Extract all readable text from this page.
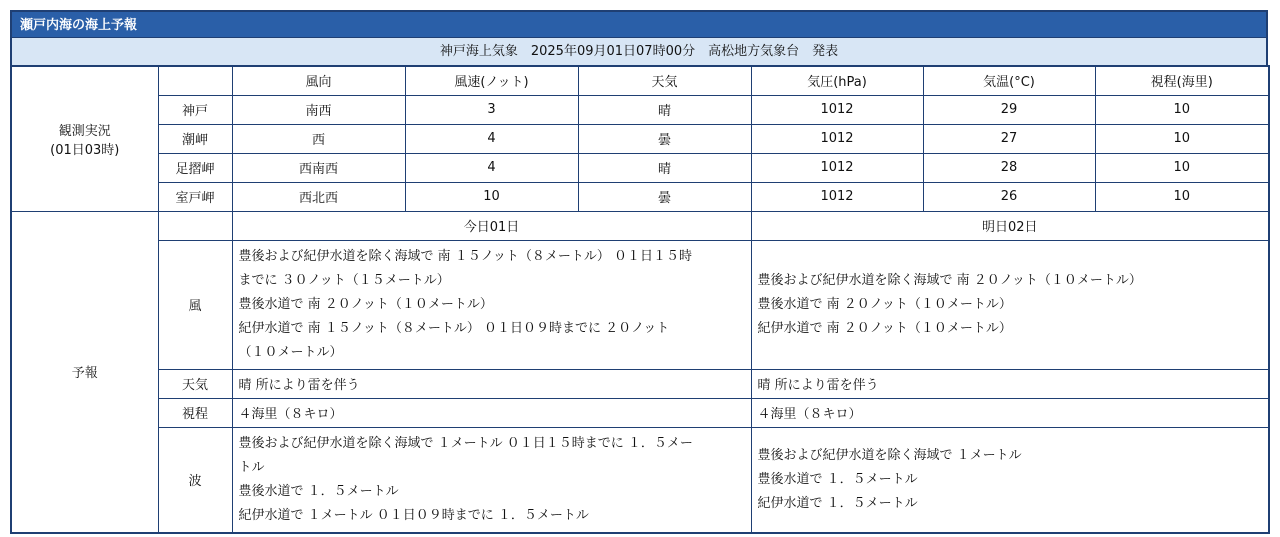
瀬戸内海の海上予報
神戸海上気象　2025年09月01日07時00分　高松地方気象台　発表
観測実況
(01日03時)		風向	風速(ノット)	天気	気圧(hPa)	気温(°C)	視程(海里)
	神戸	南西	3	晴	1012	29	10
	潮岬	西	4	曇	1012	27	10
	足摺岬	西南西	4	晴	1012	28	10
	室戸岬	西北西	10	曇	1012	26	10
予報		今日01日			明日02日		
	風	豊後および紀伊水道を除く海域で 南 １５ノット（８メートル） ０１日１５時
までに ３０ノット（１５メートル）
豊後水道で 南 ２０ノット（１０メートル）
紀伊水道で 南 １５ノット（８メートル） ０１日０９時までに ２０ノット
（１０メートル）			豊後および紀伊水道を除く海域で 南 ２０ノット（１０メートル）
豊後水道で 南 ２０ノット（１０メートル）
紀伊水道で 南 ２０ノット（１０メートル）		

	天気	晴 所により雷を伴う			晴 所により雷を伴う		
	視程	４海里（８キロ）			４海里（８キロ）		
	波	豊後および紀伊水道を除く海域で １メートル ０１日１５時までに １．５メー
トル
豊後水道で １．５メートル
紀伊水道で １メートル ０１日０９時までに １．５メートル			豊後および紀伊水道を除く海域で １メートル
豊後水道で １．５メートル
紀伊水道で １．５メートル		
